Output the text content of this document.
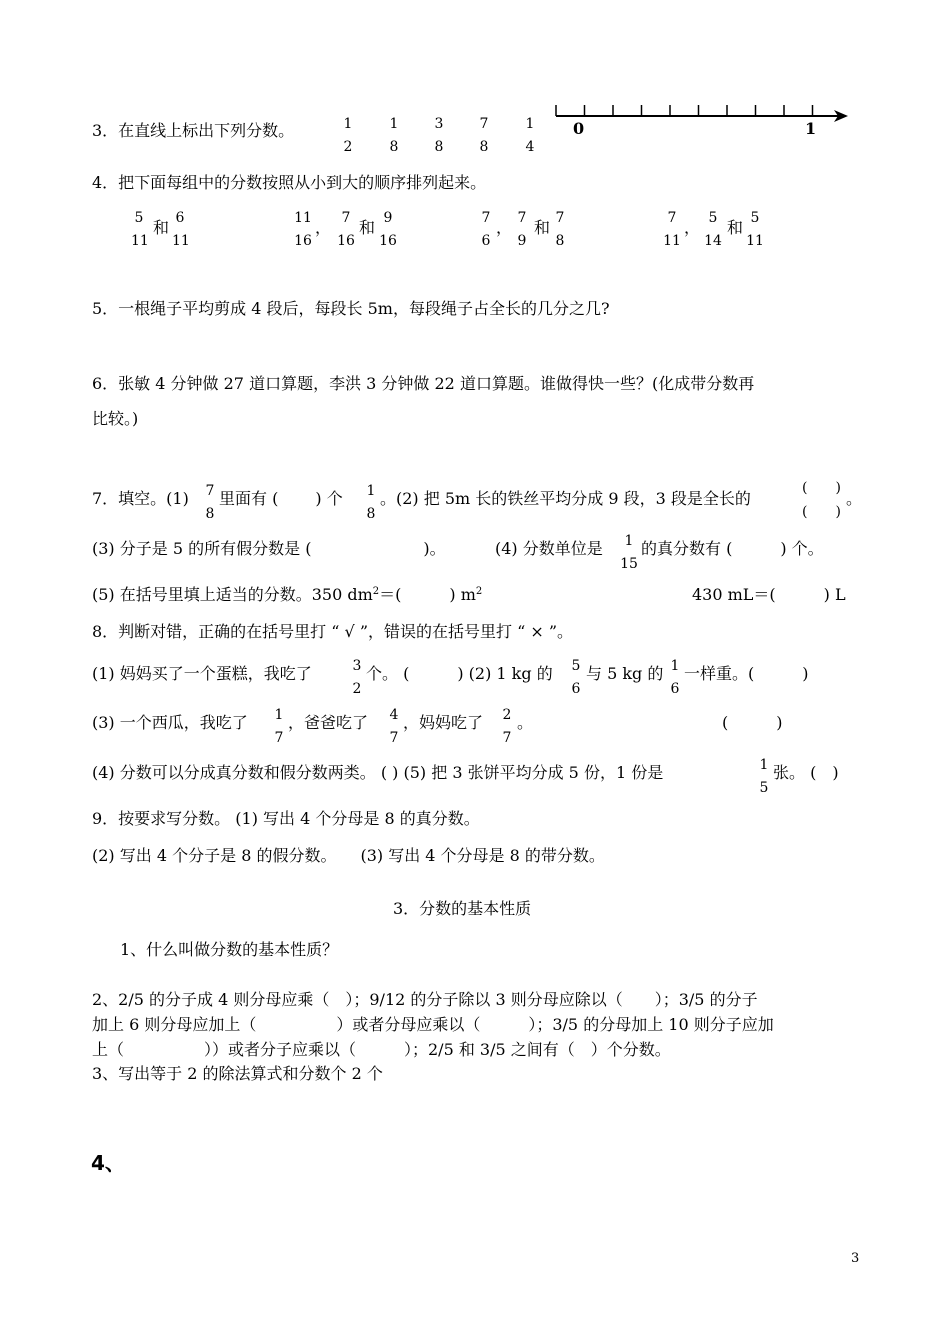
3．在直线上标出下列分数。	1
2
1
8
3
8
7
8
1
4
0	1
4．把下面每组中的分数按照从小到大的顺序排列起来。
5
11
和 6
11
11
16
， 7
16
和 9
16
7
6
， 7
9
和 7
8
7
11
， 5
14
和 5
11
5．一根绳子平均剪成 4 段后，每段长 5m，每段绳子占全长的几分之几?
6．张敏 4 分钟做 27 道口算题，李洪 3 分钟做 22 道口算题。谁做得快一些？(化成带分数再
比较。)
7．填空。(1) 7
8
里面有 (　　 ) 个 1
8
。(2) 把 5m 长的铁丝平均分成 9 段，3 段是全长的
(　　)
(　　)
。
(3) 分子是 5 的所有假分数是 (　　　　　　　)。	(4) 分数单位是	1
15
的真分数有 (　　　) 个。
(5) 在括号里填上适当的分数。350 $dm^2=$(　　　) $m^2$	430 mL＝(　　　) L
8．判断对错，正确的在括号里打 “ √ ”，错误的在括号里打 “ × ”。
(1) 妈妈买了一个蛋糕，我吃了	3
2
个。 (　　　) (2) 1 kg 的 5
6
与 5 kg 的 1
6
一样重。(　　　)
(3) 一个西瓜，我吃了 1
7
，爸爸吃了 4
7
，妈妈吃了 2
7
。	(　　　)
(4) 分数可以分成真分数和假分数两类。 ( ) (5) 把 3 张饼平均分成 5 份，1 份是	1
5
张。 (　)
9．按要求写分数。 (1) 写出 4 个分母是 8 的真分数。
(2) 写出 4 个分子是 8 的假分数。　　(3) 写出 4 个分母是 8 的带分数。
3．分数的基本性质
1、什么叫做分数的基本性质？
2、2/5 的分子成 4 则分母应乘（　）；9/12 的分子除以 3 则分母应除以（　　）；3/5 的分子
加上 6 则分母应加上（　　　　　）或者分母应乘以（　　　）；3/5 的分母加上 10 则分子应加
上（　　　　　））或者分子应乘以（　　　）；2/5 和 3/5 之间有（　）个分数。
3、写出等于 2 的除法算式和分数个 2 个
4、
3
